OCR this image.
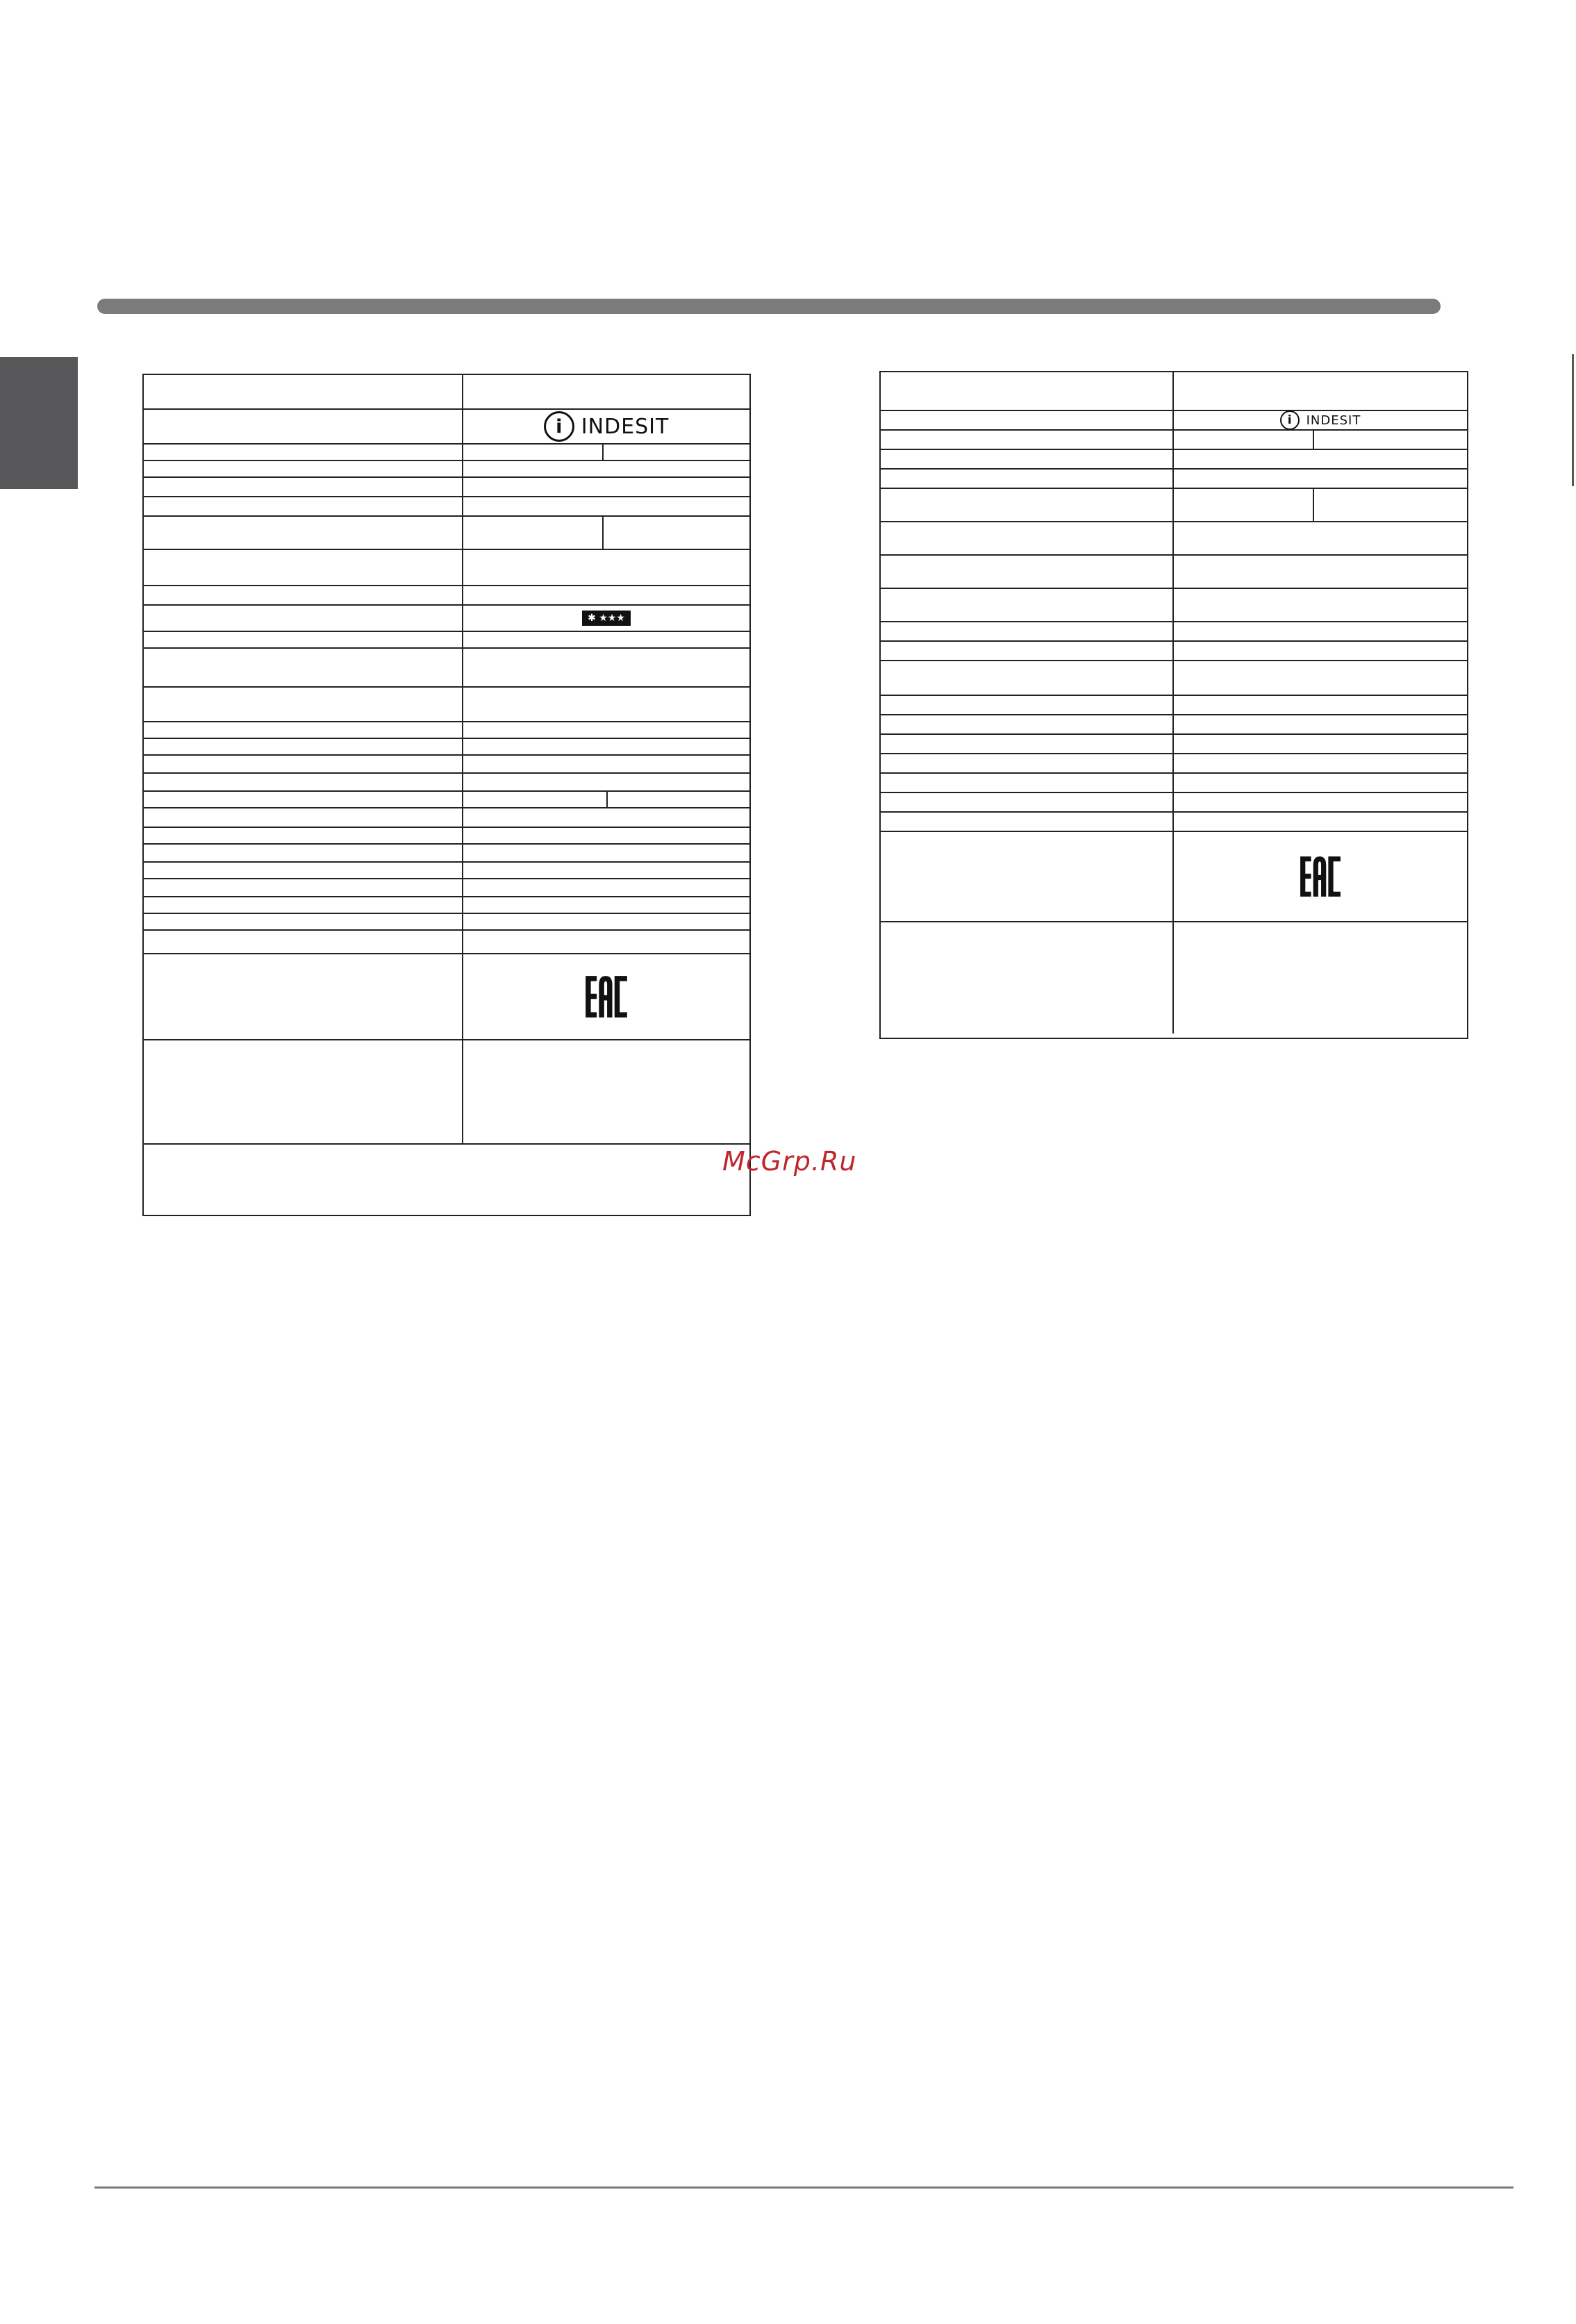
i INDESIT
✱ ★★★
i	INDESIT
McGrp.Ru
